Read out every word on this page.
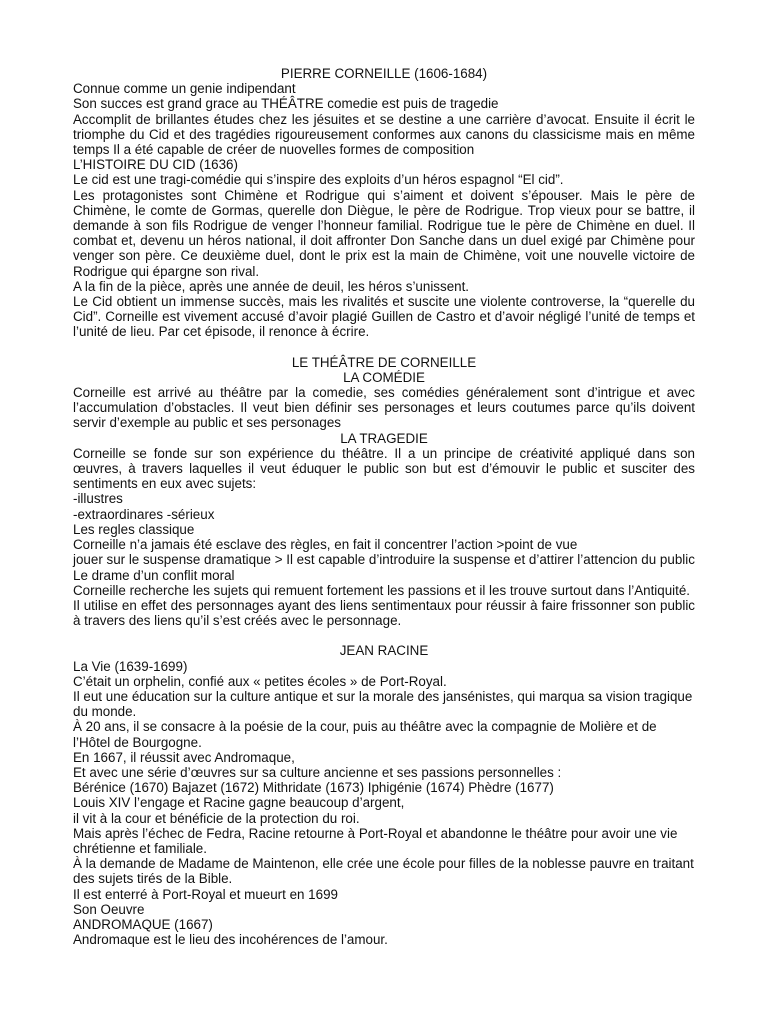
PIERRE CORNEILLE (1606-1684)

Connue comme un genie indipendant

Son succes est grand grace au THÉÂTRE comedie est puis de tragedie

Accomplit de brillantes études chez les jésuites et se destine a une carrière d’avocat. Ensuite il écrit le triomphe du Cid et des tragédies rigoureusement conformes aux canons du classicisme mais en même temps Il a été capable de créer de nuovelles formes de composition

L’HISTOIRE DU CID (1636)

Le cid est une tragi-comédie qui s’inspire des exploits d’un héros espagnol “El cid”.

Les protagonistes sont Chimène et Rodrigue qui s’aiment et doivent s’épouser. Mais le père de Chimène, le comte de Gormas, querelle don Diègue, le père de Rodrigue. Trop vieux pour se battre, il demande à son fils Rodrigue de venger l’honneur familial. Rodrigue tue le père de Chimène en duel. Il combat et, devenu un héros national, il doit affronter Don Sanche dans un duel exigé par Chimène pour venger son père. Ce deuxième duel, dont le prix est la main de Chimène, voit une nouvelle victoire de Rodrigue qui épargne son rival.

A la fin de la pièce, après une année de deuil, les héros s’unissent.

Le Cid obtient un immense succès, mais les rivalités et suscite une violente controverse, la “querelle du Cid”. Corneille est vivement accusé d’avoir plagié Guillen de Castro et d’avoir négligé l’unité de temps et l’unité de lieu. Par cet épisode, il renonce à écrire.

LE THÉÂTRE DE CORNEILLE

LA COMÉDIE

Corneille est arrivé au théâtre par la comedie, ses comédies généralement sont d’intrigue et avec l’accumulation d’obstacles. Il veut bien définir ses personages et leurs coutumes parce qu’ils doivent servir d’exemple au public et ses personages

LA TRAGEDIE

Corneille se fonde sur son expérience du théâtre. Il a un principe de créativité appliqué dans son œuvres, à travers laquelles il veut éduquer le public son but est d’émouvir le public et susciter des sentiments en eux avec sujets:

-illustres

-extraordinares -sérieux

Les regles classique

Corneille n’a jamais été esclave des règles, en fait il concentrer l’action >point de vue

jouer sur le suspense dramatique > Il est capable d’introduire la suspense et d’attirer l’attencion du public

Le drame d’un conflit moral

Corneille recherche les sujets qui remuent fortement les passions et il les trouve surtout dans l’Antiquité.

Il utilise en effet des personnages ayant des liens sentimentaux pour réussir à faire frissonner son public à travers des liens qu’il s’est créés avec le personnage.

JEAN RACINE

La Vie (1639-1699)

C’était un orphelin, confié aux « petites écoles » de Port-Royal.

Il eut une éducation sur la culture antique et sur la morale des jansénistes, qui marqua sa vision tragique du monde.

À 20 ans, il se consacre à la poésie de la cour, puis au théâtre avec la compagnie de Molière et de l’Hôtel de Bourgogne.

En 1667, il réussit avec Andromaque,

Et avec une série d’œuvres sur sa culture ancienne et ses passions personnelles :

Bérénice (1670) Bajazet (1672) Mithridate (1673) Iphigénie (1674) Phèdre (1677)

Louis XIV l’engage et Racine gagne beaucoup d’argent,

il vit à la cour et bénéficie de la protection du roi.

Mais après l’échec de Fedra, Racine retourne à Port-Royal et abandonne le théâtre pour avoir une vie chrétienne et familiale.

À la demande de Madame de Maintenon, elle crée une école pour filles de la noblesse pauvre en traitant des sujets tirés de la Bible.

Il est enterré à Port-Royal et mueurt en 1699

Son Oeuvre

ANDROMAQUE (1667)

Andromaque est le lieu des incohérences de l’amour.
